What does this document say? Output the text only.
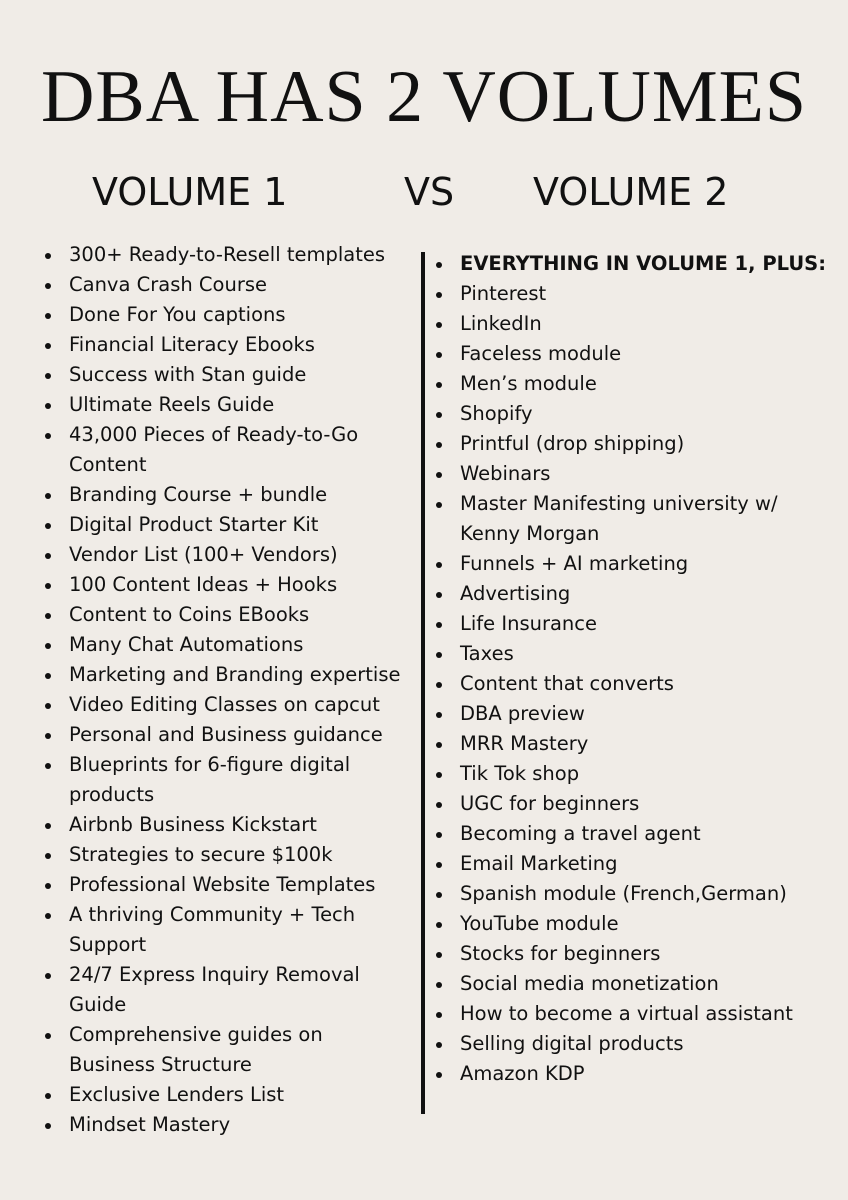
DBA HAS 2 VOLUMES
VOLUME 1	VS VOLUME 2
300+ Ready-to-Resell templates
Canva Crash Course
Done For You captions
Financial Literacy Ebooks
Success with Stan guide
Ultimate Reels Guide
43,000 Pieces of Ready-to-Go Content
Branding Course + bundle
Digital Product Starter Kit
Vendor List (100+ Vendors)
100 Content Ideas + Hooks
Content to Coins EBooks
Many Chat Automations
Marketing and Branding expertise
Video Editing Classes on capcut
Personal and Business guidance
Blueprints for 6-figure digital products
Airbnb Business Kickstart
Strategies to secure $100k
Professional Website Templates
A thriving Community + Tech Support
24/7 Express Inquiry Removal Guide
Comprehensive guides on Business Structure
Exclusive Lenders List
Mindset Mastery
EVERYTHING IN VOLUME 1, PLUS:
Pinterest
LinkedIn
Faceless module
Men’s module
Shopify
Printful (drop shipping)
Webinars
Master Manifesting university w/ Kenny Morgan
Funnels + AI marketing
Advertising
Life Insurance
Taxes
Content that converts
DBA preview
MRR Mastery
Tik Tok shop
UGC for beginners
Becoming a travel agent
Email Marketing
Spanish module (French,German)
YouTube module
Stocks for beginners
Social media monetization
How to become a virtual assistant
Selling digital products
Amazon KDP
